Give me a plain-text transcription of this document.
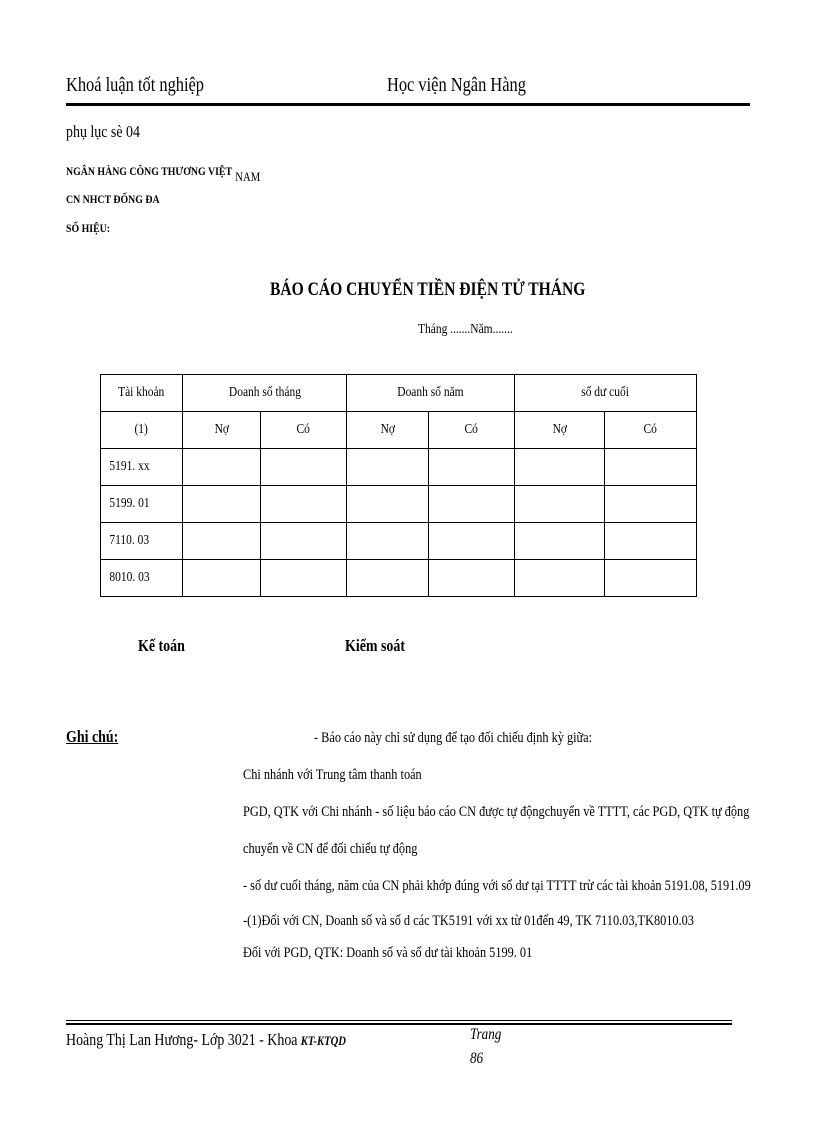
Khoá luận tốt nghiệp	Học viện Ngân Hàng
phụ lục sè 04
NGÂN HÀNG CÔNG THƯƠNG VIỆT NAM
CN NHCT ĐỐNG ĐA
SỐ HIỆU:
BÁO CÁO CHUYỂN TIỀN ĐIỆN TỬ THÁNG
Tháng .......Năm.......
Tài khoản	Doanh số tháng		Doanh số năm		số dư cuối	
(1)	Nợ	Có	Nợ	Có	Nợ	Có
5191. xx						
5199. 01						
7110. 03						
8010. 03						
Kế toán	Kiểm soát
Ghi chú:	- Báo cáo này chỉ sử dụng để tạo đối chiếu định kỳ giữa:
Chi nhánh với Trung tâm thanh toán
PGD, QTK với Chi nhánh - số liệu báo cáo CN được tự độngchuyển về TTTT, các PGD, QTK tự động
chuyển về CN để đối chiếu tự động
- số dư cuối tháng, năm của CN phải khớp đúng với số dư tại TTTT trừ các tài khoản 5191.08, 5191.09
-(1)Đối với CN, Doanh số và số d các TK5191 với xx từ 01đến 49, TK 7110.03,TK8010.03
Đối với PGD, QTK: Doanh số và số dư tài khoản 5199. 01
Hoàng Thị Lan Hương- Lớp 3021 - Khoa KT-KTQD	Trang
86
